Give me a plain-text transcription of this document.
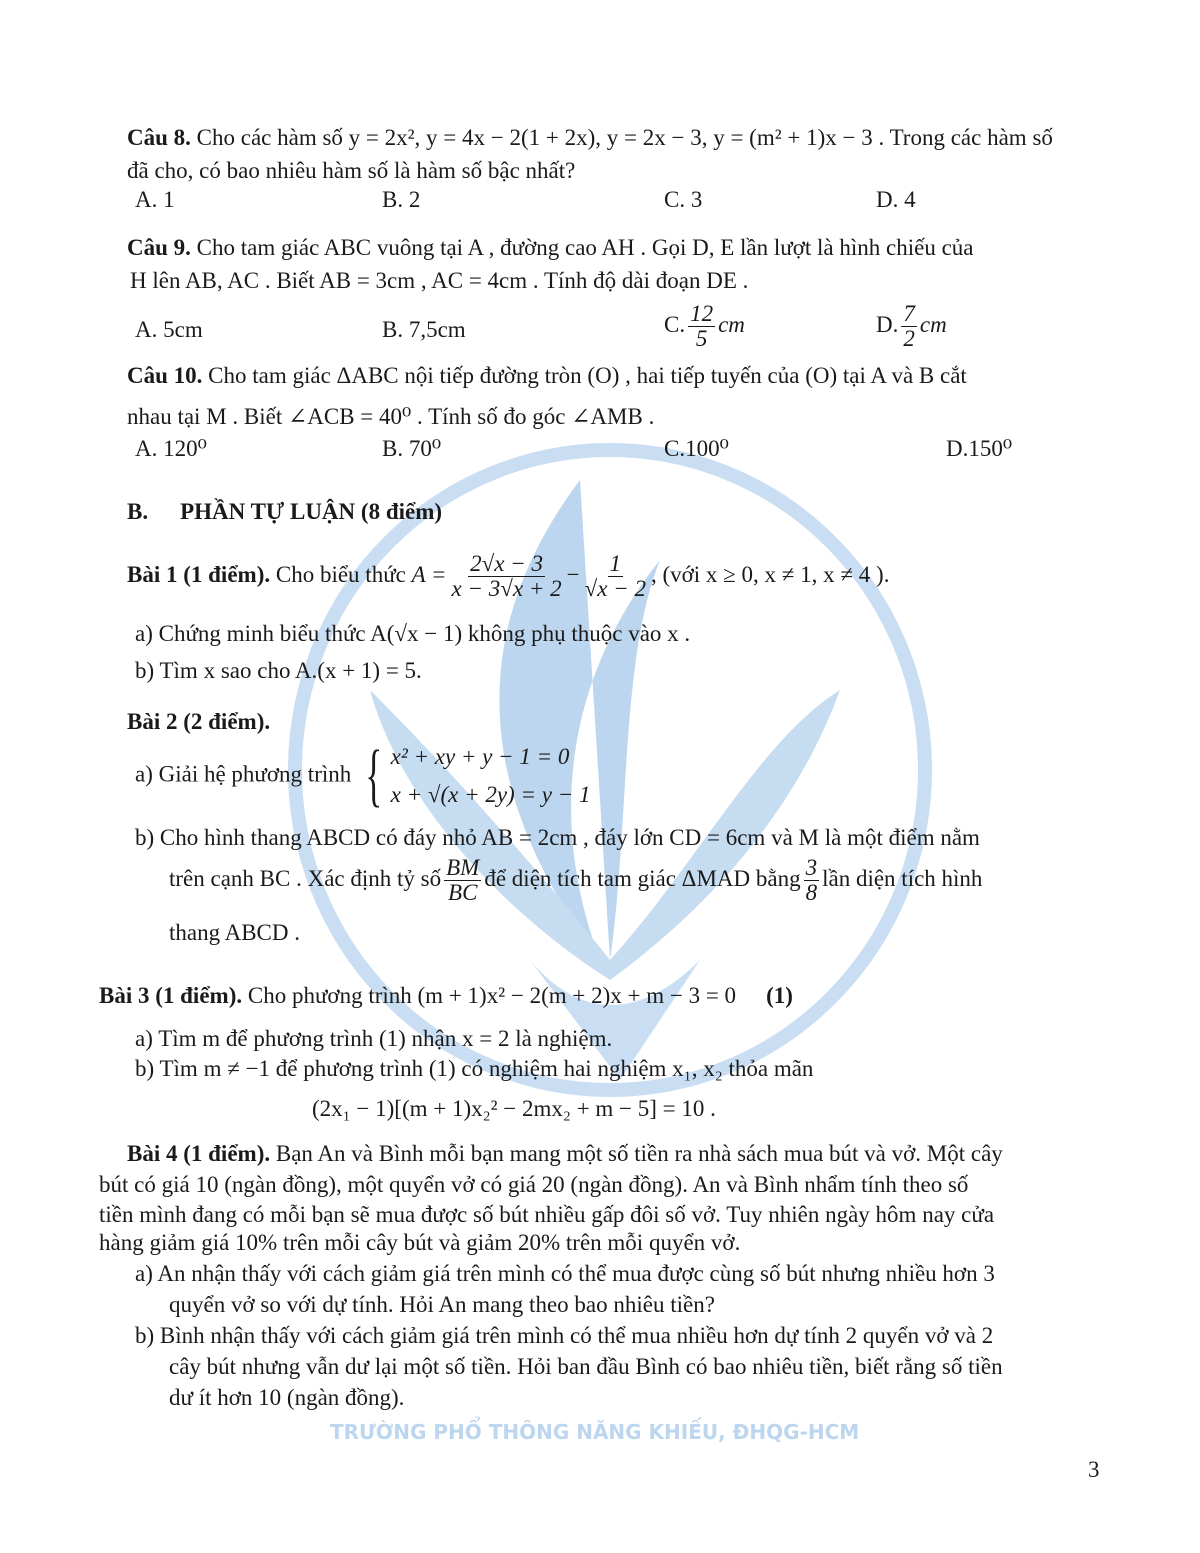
TRƯỜNG PHỔ THÔNG NĂNG KHIẾU, ĐHQG-HCM
Câu 8. Cho các hàm số y = 2x², y = 4x − 2(1 + 2x), y = 2x − 3, y = (m² + 1)x − 3 . Trong các hàm số
đã cho, có bao nhiêu hàm số là hàm số bậc nhất?
A. 1	B. 2	C. 3	D. 4
Câu 9. Cho tam giác ABC vuông tại A , đường cao AH . Gọi D, E lần lượt là hình chiếu của
H lên AB, AC . Biết AB = 3cm , AC = 4cm . Tính độ dài đoạn DE .
A. 5cm	B. 7,5cm	C. $\frac{12}{5}$ cm	D. $\frac{7}{2}$ cm
Câu 10. Cho tam giác ΔABC nội tiếp đường tròn (O) , hai tiếp tuyến của (O) tại A và B cắt
nhau tại M . Biết ∠ACB = 40⁰ . Tính số đo góc ∠AMB .
A. 120⁰	B. 70⁰	C.100⁰	D.150⁰
B. PHẦN TỰ LUẬN (8 điểm)
Bài 1 (1 điểm). Cho biểu thức $A = \frac{2√x - 3}{x - 3√x + 2} - \frac{1}{√x - 2}$ , (với x ≥ 0, x ≠ 1, x ≠ 4 ).
a) Chứng minh biểu thức A(√x − 1) không phụ thuộc vào x .
b) Tìm x sao cho A.(x + 1) = 5.
Bài 2 (2 điểm).
a) Giải hệ phương trình { x² + xy + y − 1 = 0
x + √(x + 2y) = y − 1
b) Cho hình thang ABCD có đáy nhỏ AB = 2cm , đáy lớn CD = 6cm và M là một điểm nằm
trên cạnh BC . Xác định tỷ số $\frac{BM}{BC}$ để diện tích tam giác ΔMAD bằng $\frac{3}{8}$ lần diện tích hình
thang ABCD .
Bài 3 (1 điểm). Cho phương trình (m + 1)x² − 2(m + 2)x + m − 3 = 0 (1)
a) Tìm m để phương trình (1) nhận x = 2 là nghiệm.
b) Tìm m ≠ −1 để phương trình (1) có nghiệm hai nghiệm x₁, x₂ thỏa mãn
(2x₁ − 1)[(m + 1)x₂² − 2mx₂ + m − 5] = 10 .
Bài 4 (1 điểm). Bạn An và Bình mỗi bạn mang một số tiền ra nhà sách mua bút và vở. Một cây
bút có giá 10 (ngàn đồng), một quyển vở có giá 20 (ngàn đồng). An và Bình nhẩm tính theo số
tiền mình đang có mỗi bạn sẽ mua được số bút nhiều gấp đôi số vở. Tuy nhiên ngày hôm nay cửa
hàng giảm giá 10% trên mỗi cây bút và giảm 20% trên mỗi quyển vở.
a) An nhận thấy với cách giảm giá trên mình có thể mua được cùng số bút nhưng nhiều hơn 3
quyển vở so với dự tính. Hỏi An mang theo bao nhiêu tiền?
b) Bình nhận thấy với cách giảm giá trên mình có thể mua nhiều hơn dự tính 2 quyển vở và 2
cây bút nhưng vẫn dư lại một số tiền. Hỏi ban đầu Bình có bao nhiêu tiền, biết rằng số tiền
dư ít hơn 10 (ngàn đồng).
3
